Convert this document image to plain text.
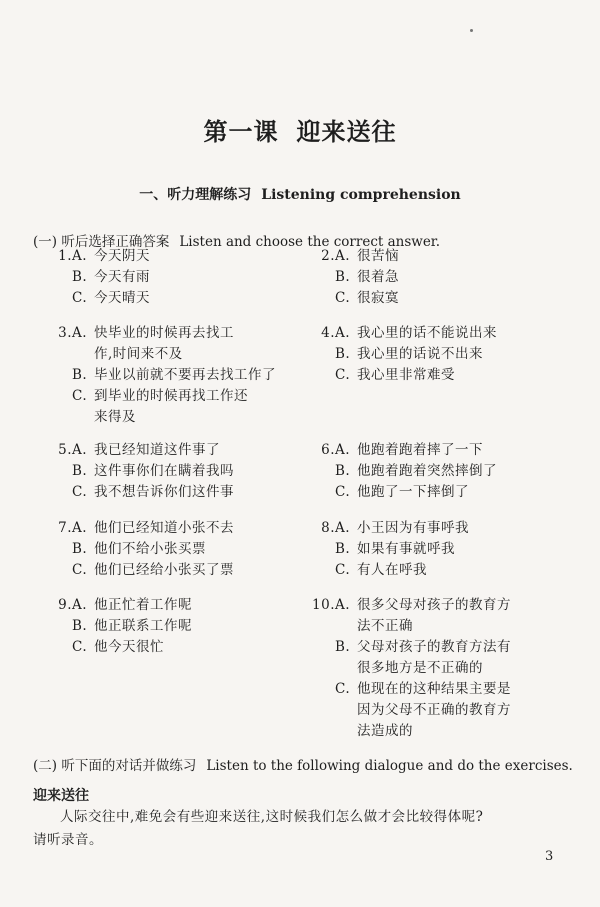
第一课 迎来送往
一、听力理解练习 Listening comprehension
(一) 听后选择正确答案 Listen and choose the correct answer.
1.A. 今天阴天
B. 今天有雨
C. 今天晴天
2.A. 很苦恼
B. 很着急
C. 很寂寞
3.A. 快毕业的时候再去找工
作,时间来不及
B. 毕业以前就不要再去找工作了
C. 到毕业的时候再找工作还
来得及
4.A. 我心里的话不能说出来
B. 我心里的话说不出来
C. 我心里非常难受
5.A. 我已经知道这件事了
B. 这件事你们在瞒着我吗
C. 我不想告诉你们这件事
6.A. 他跑着跑着摔了一下
B. 他跑着跑着突然摔倒了
C. 他跑了一下摔倒了
7.A. 他们已经知道小张不去
B. 他们不给小张买票
C. 他们已经给小张买了票
8.A. 小王因为有事呼我
B. 如果有事就呼我
C. 有人在呼我
9.A. 他正忙着工作呢
B. 他正联系工作呢
C. 他今天很忙
10.A. 很多父母对孩子的教育方
法不正确
B. 父母对孩子的教育方法有
很多地方是不正确的
C. 他现在的这种结果主要是
因为父母不正确的教育方
法造成的
(二) 听下面的对话并做练习 Listen to the following dialogue and do the exercises.
迎来送往
人际交往中,难免会有些迎来送往,这时候我们怎么做才会比较得体呢?
请听录音。
3
